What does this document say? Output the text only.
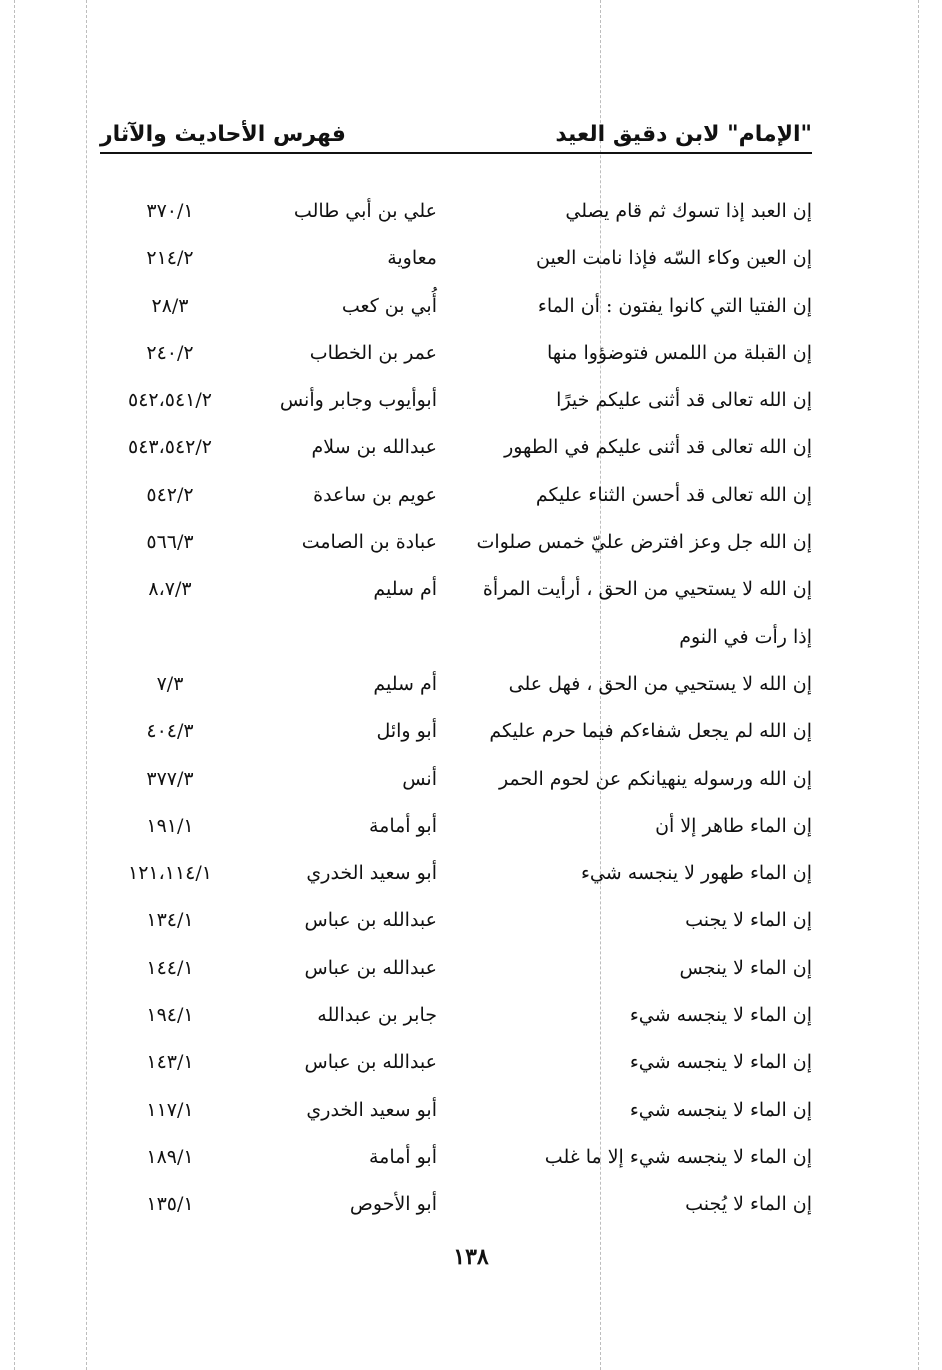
"الإمام" لابن دقيق العيد
فهرس الأحاديث والآثار
إن العبد إذا تسوك ثم قام يصلي
علي بن أبي طالب
٣٧٠/١
إن العين وكاء السّه فإذا نامت العين
معاوية
٢١٤/٢
إن الفتيا التي كانوا يفتون : أن الماء
أُبي بن كعب
٢٨/٣
إن القبلة من اللمس فتوضؤوا منها
عمر بن الخطاب
٢٤٠/٢
إن الله تعالى قد أثنى عليكم خيرًا
أبوأيوب وجابر وأنس
٥٤٢،٥٤١/٢
إن الله تعالى قد أثنى عليكم في الطهور
عبدالله بن سلام
٥٤٣،٥٤٢/٢
إن الله تعالى قد أحسن الثناء عليكم
عويم بن ساعدة
٥٤٢/٢
إن الله جل وعز افترض عليّ خمس صلوات
عبادة بن الصامت
٥٦٦/٣
إن الله لا يستحيي من الحق ، أرأيت المرأة
أم سليم
٨،٧/٣
إذا رأت في النوم
إن الله لا يستحيي من الحق ، فهل على
أم سليم
٧/٣
إن الله لم يجعل شفاءكم فيما حرم عليكم
أبو وائل
٤٠٤/٣
إن الله ورسوله ينهيانكم عن لحوم الحمر
أنس
٣٧٧/٣
إن الماء طاهر إلا أن
أبو أمامة
١٩١/١
إن الماء طهور لا ينجسه شيء
أبو سعيد الخدري
١٢١،١١٤/١
إن الماء لا يجنب
عبدالله بن عباس
١٣٤/١
إن الماء لا ينجس
عبدالله بن عباس
١٤٤/١
إن الماء لا ينجسه شيء
جابر بن عبدالله
١٩٤/١
إن الماء لا ينجسه شيء
عبدالله بن عباس
١٤٣/١
إن الماء لا ينجسه شيء
أبو سعيد الخدري
١١٧/١
إن الماء لا ينجسه شيء إلا ما غلب
أبو أمامة
١٨٩/١
إن الماء لا يُجنب
أبو الأحوص
١٣٥/١
١٣٨
